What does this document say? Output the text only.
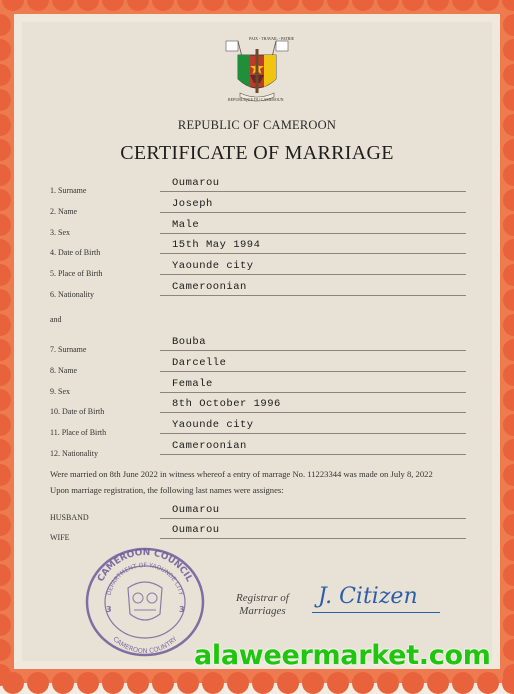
PAIX - TRAVAIL - PATRIE
REPUBLIQUE DU CAMEROUN
REPUBLIC OF CAMEROON
CERTIFICATE OF MARRIAGE
1. Surname
Oumarou
2. Name
Joseph
3. Sex
Male
4. Date of Birth
15th May 1994
5. Place of Birth
Yaounde city
6. Nationality
Cameroonian
and
7. Surname
Bouba
8. Name
Darcelle
9. Sex
Female
10. Date of Birth
8th October 1996
11. Place of Birth
Yaounde city
12. Nationality
Cameroonian
Were married on 8th June 2022 in witness whereof a entry of marrage No. 11223344 was made on July 8, 2022
Upon marriage registration, the following last names were assignes:
HUSBAND
Oumarou
WIFE
Oumarou
CAMEROON COUNCIL
DEPARTMENT OF YAOUNDE CITY
CAMEROON COUNTRY
3	3
Registrar of
Marriages
J. Citizen
alaweermarket.com
